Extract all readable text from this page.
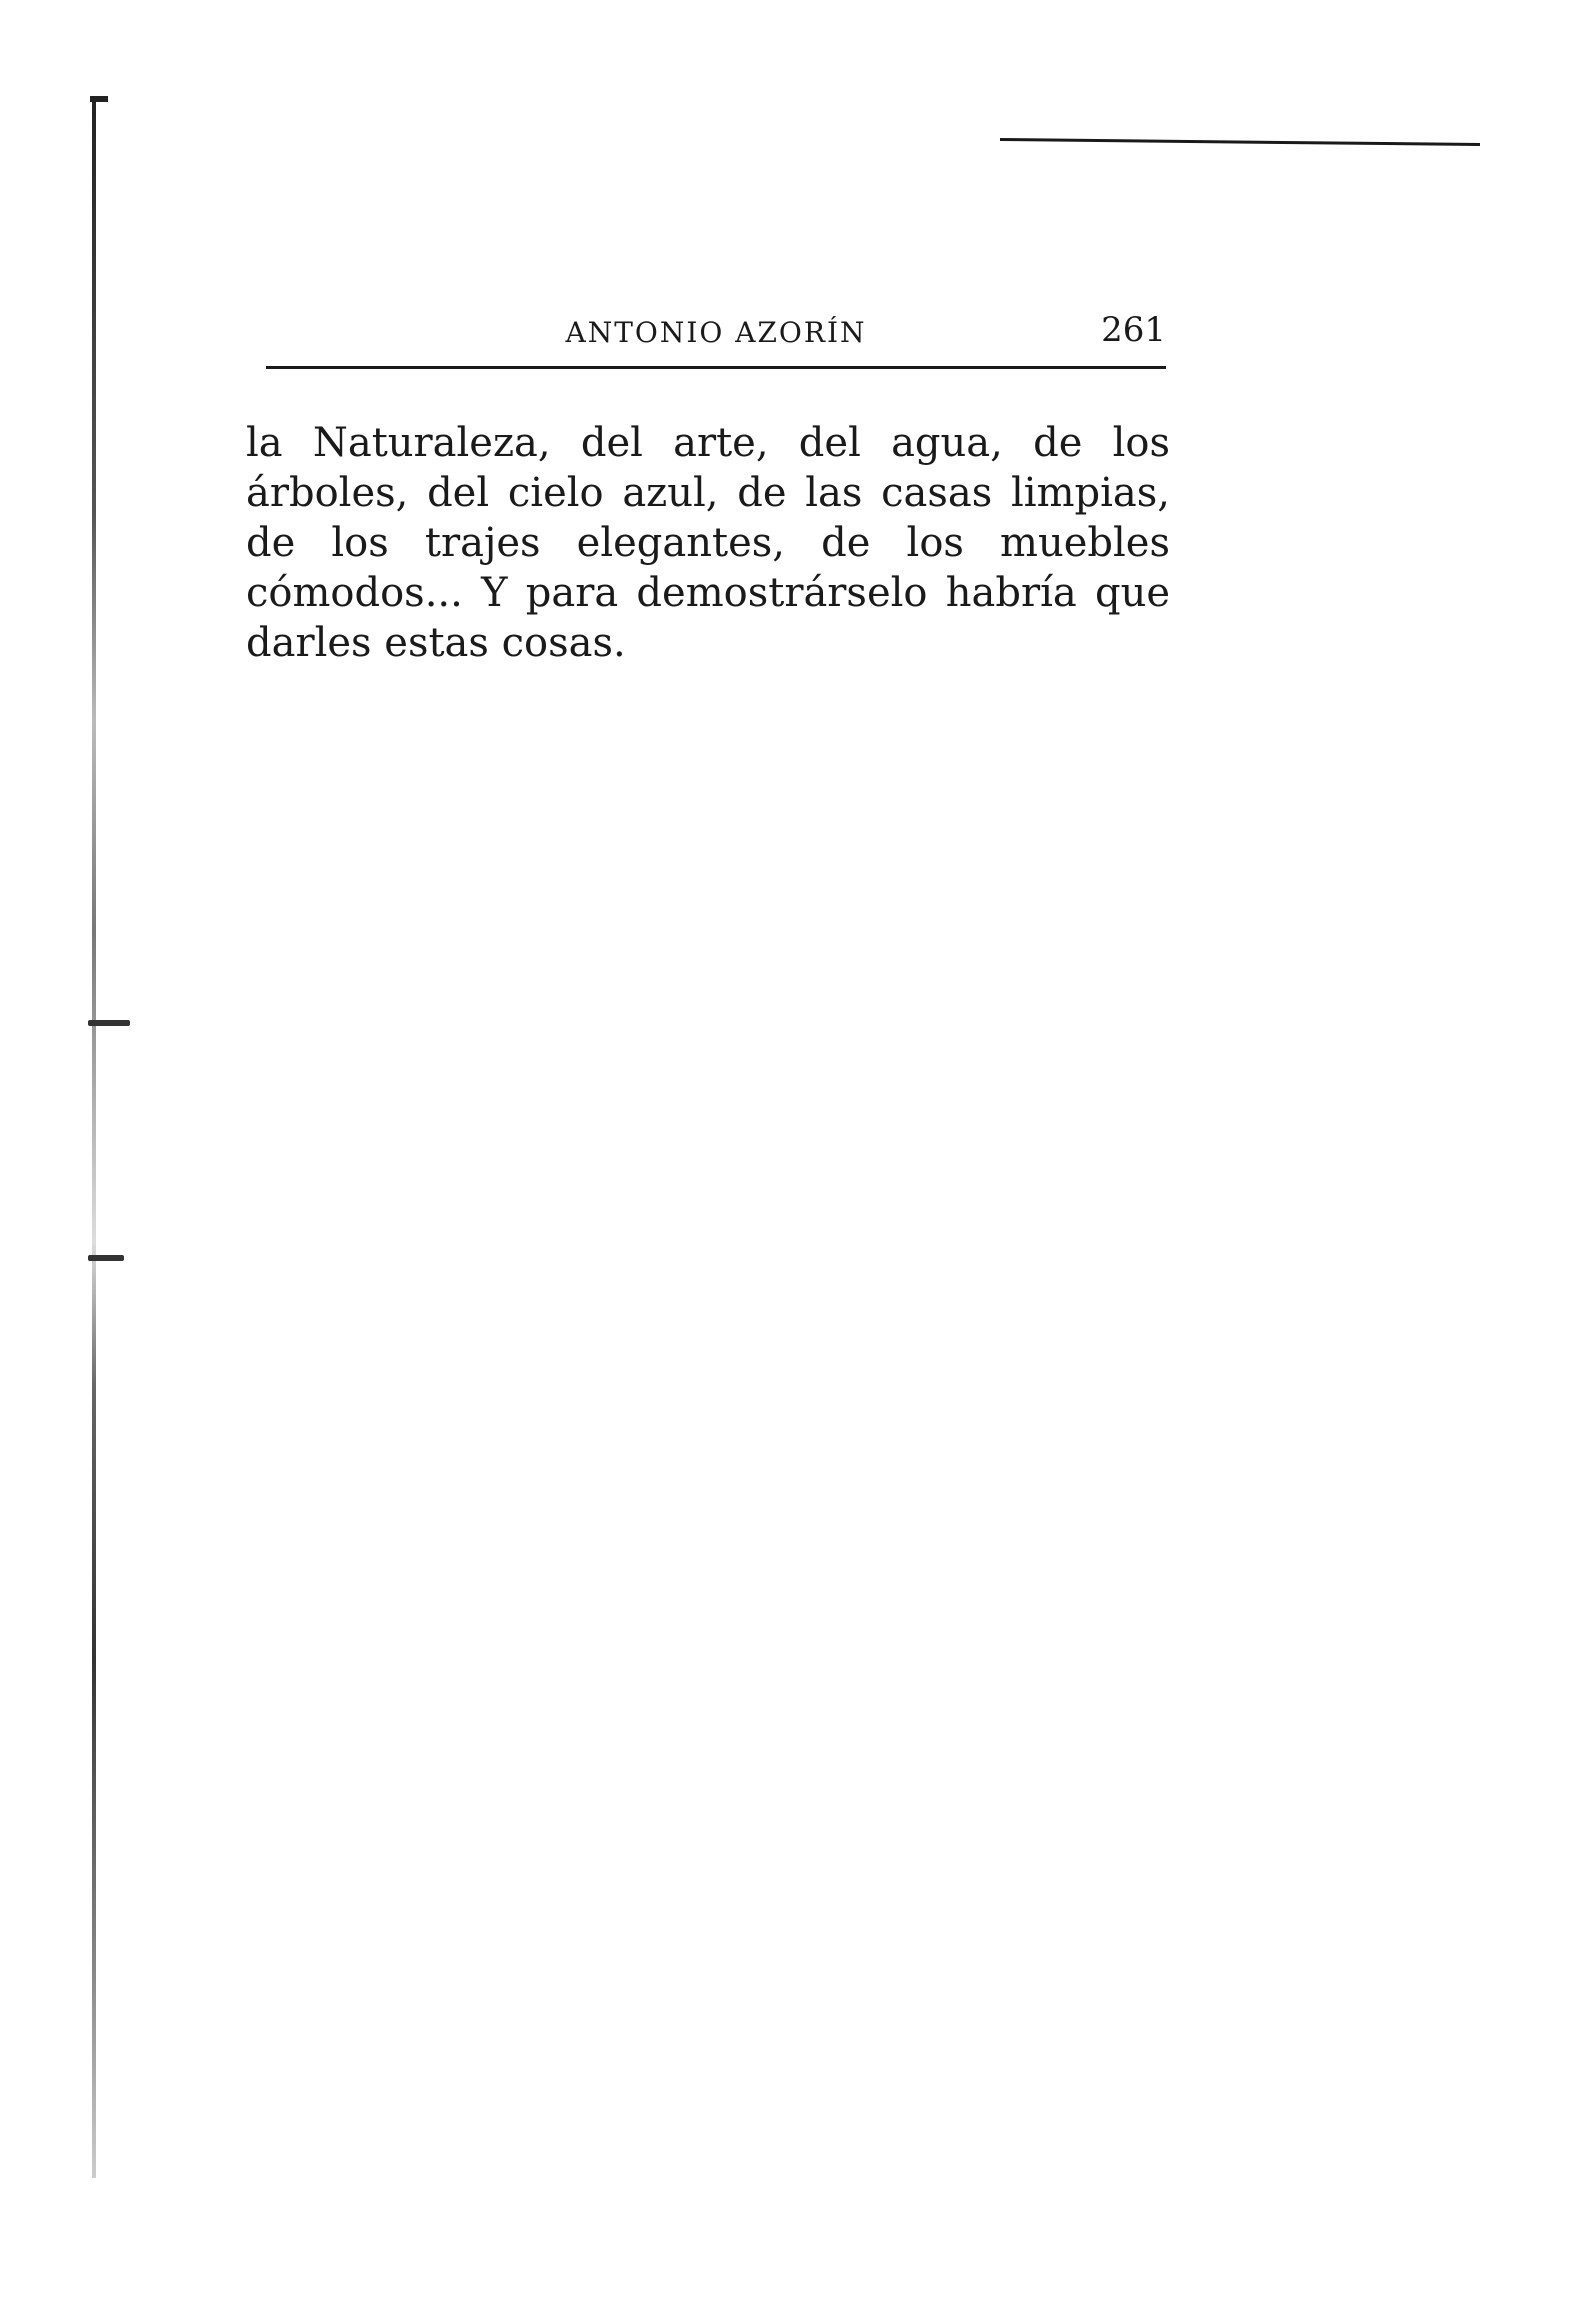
ANTONIO AZORÍN	261

la Naturaleza, del arte, del agua, de los árboles, del cielo azul, de las casas limpias, de los trajes elegantes, de los muebles cómodos... Y para demostrárselo habría que darles estas cosas.
